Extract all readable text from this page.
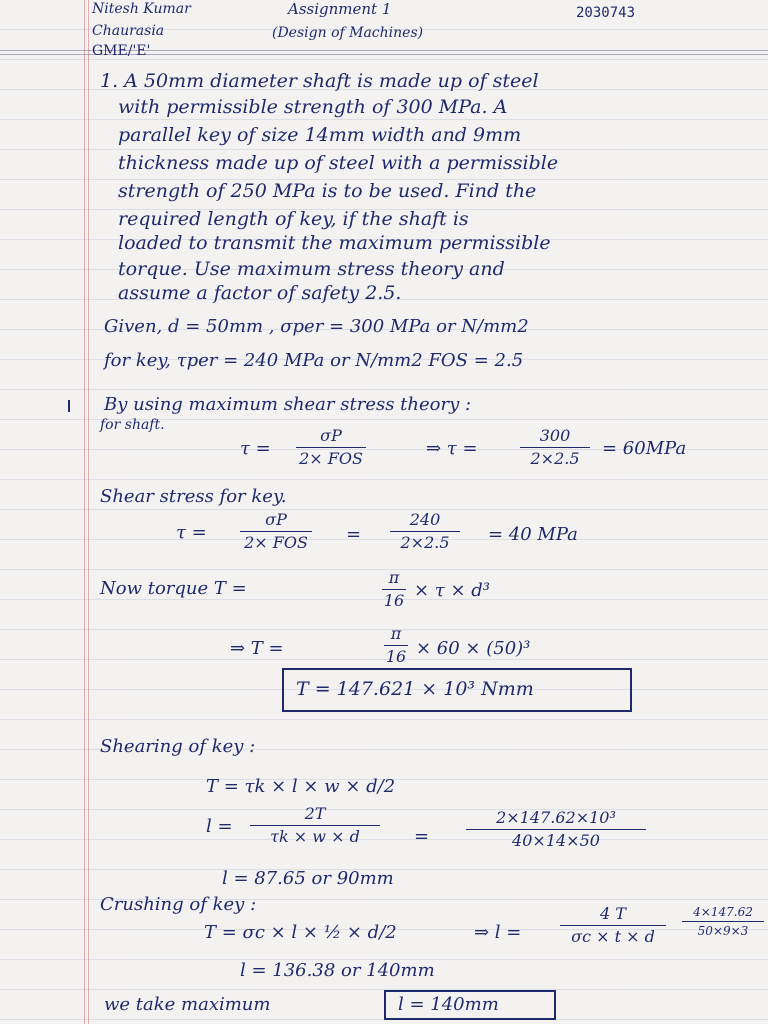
Nitesh Kumar
Chaurasia
GME/'E'
Assignment 1
(Design of Machines)
2030743
1. A 50mm diameter shaft is made up of steel
with permissible strength of 300 MPa. A
parallel key of size 14mm width and 9mm
thickness made up of steel with a permissible
strength of 250 MPa is to be used. Find the
required length of key, if the shaft is
loaded to transmit the maximum permissible
torque. Use maximum stress theory and
assume a factor of safety 2.5.
Given, d = 50mm , σper = 300 MPa or N/mm2
for key, τper = 240 MPa or N/mm2 FOS = 2.5
By using maximum shear stress theory :
for shaft.
τ =
σP
2× FOS	⇒ τ =
300
2×2.5	= 60MPa
Shear stress for key.
τ =
σP
2× FOS =
240
2×2.5	= 40 MPa
Now torque T =
π
16 × τ × d³
⇒ T =
π
16 × 60 × (50)³
T = 147.621 × 10³ Nmm
Shearing of key :
T = τk × l × w × d/2
l =
2T
τk × w × d	=
2×147.62×10³
40×14×50
l = 87.65 or 90mm
Crushing of key :
T = σc × l × ½ × d/2	⇒ l =
4 T
σc × t × d
4×147.62
50×9×3
l = 136.38 or 140mm
we take maximum	l = 140mm
